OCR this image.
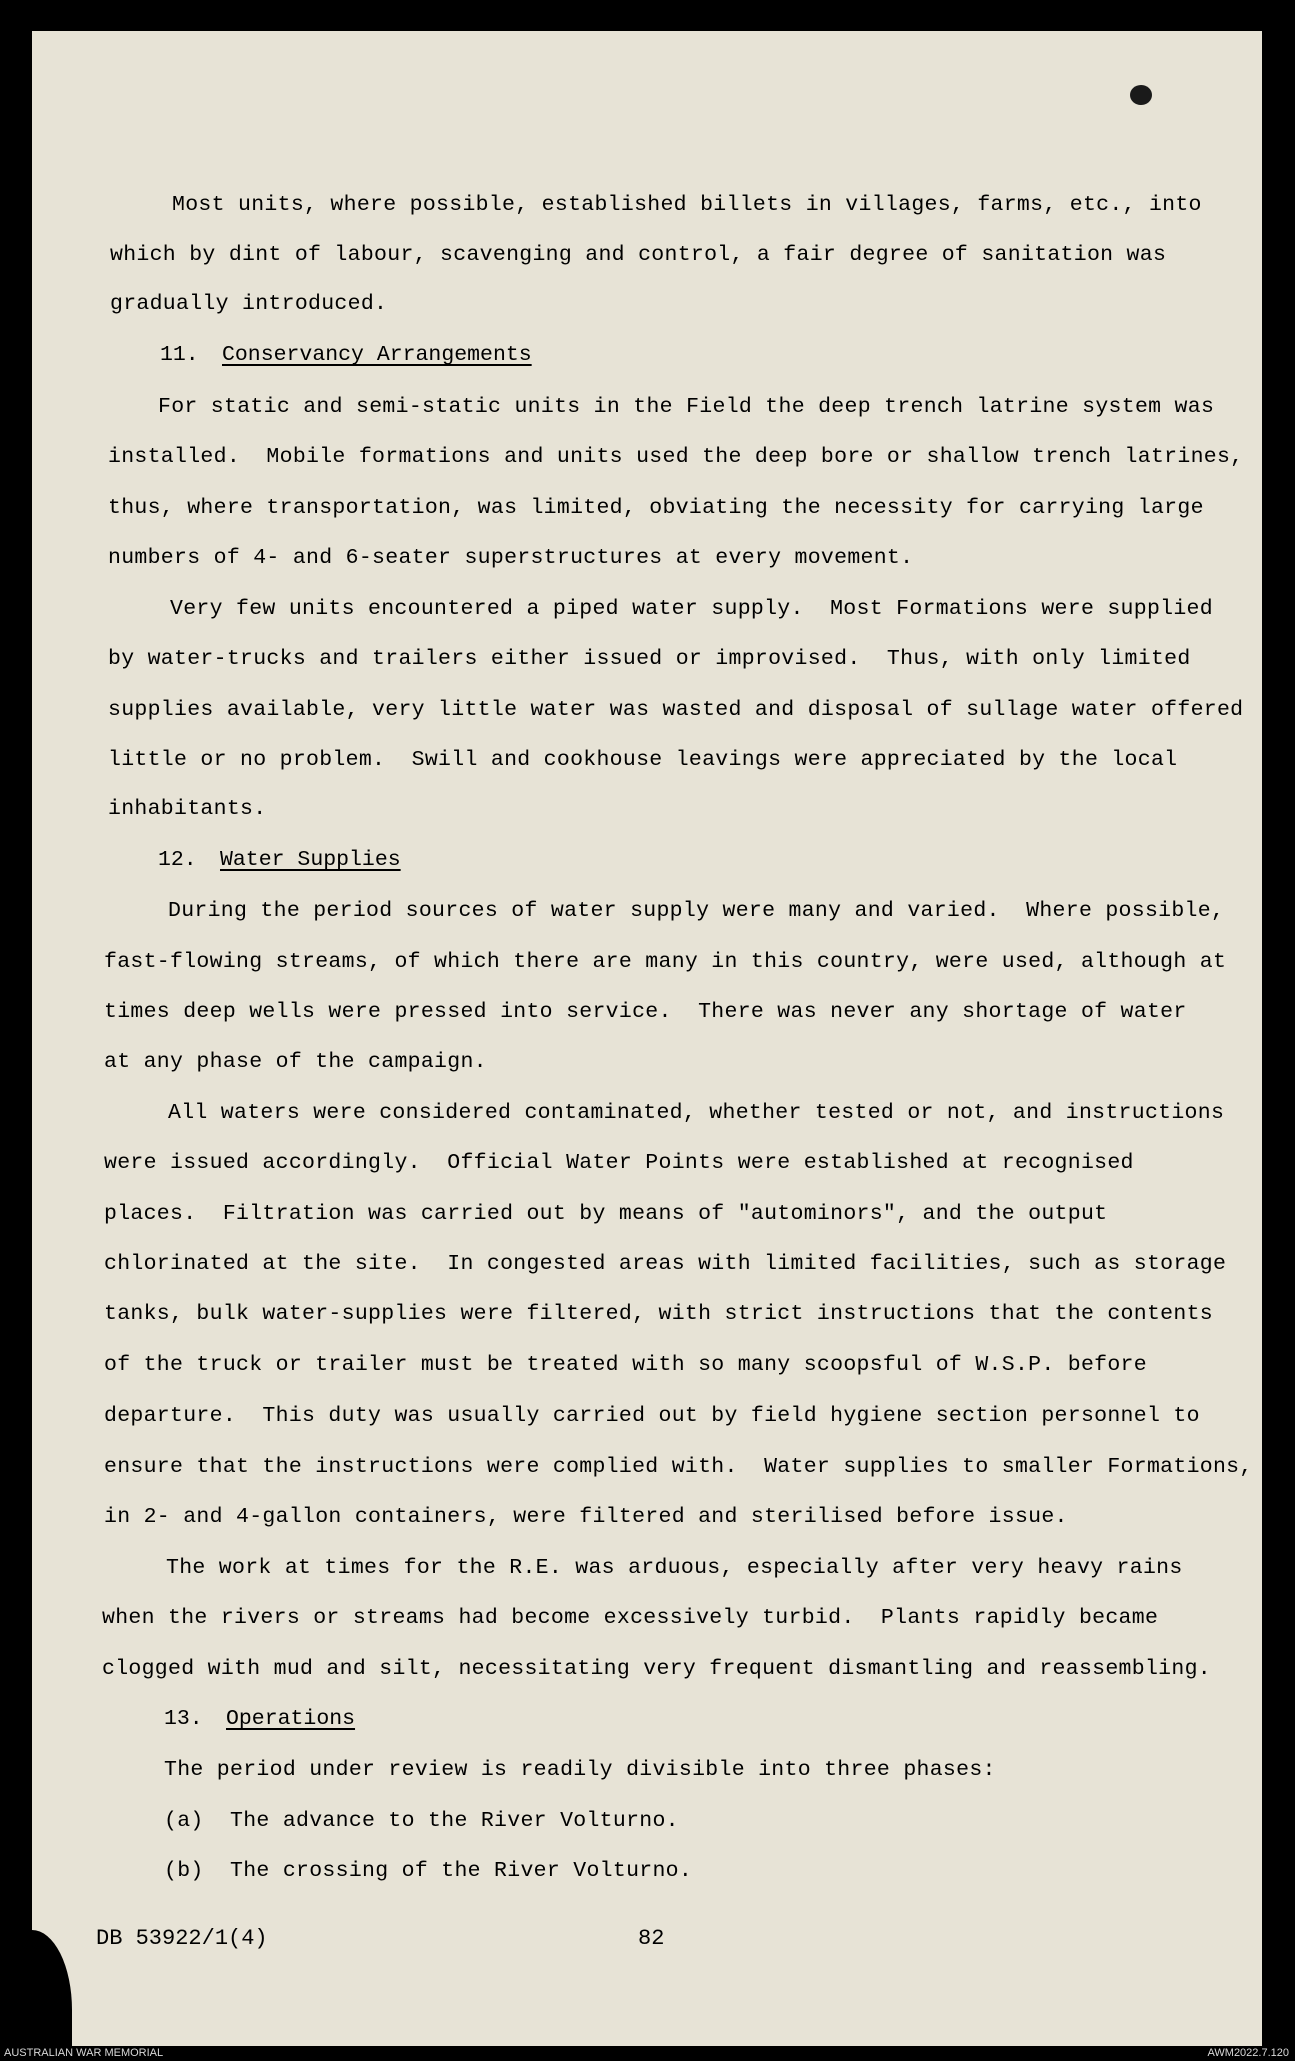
Most units, where possible, established billets in villages, farms, etc., into
which by dint of labour, scavenging and control, a fair degree of sanitation was
gradually introduced.
11. Conservancy Arrangements
For static and semi-static units in the Field the deep trench latrine system was
installed.  Mobile formations and units used the deep bore or shallow trench latrines,
thus, where transportation, was limited, obviating the necessity for carrying large
numbers of 4- and 6-seater superstructures at every movement.
Very few units encountered a piped water supply.  Most Formations were supplied
by water-trucks and trailers either issued or improvised.  Thus, with only limited
supplies available, very little water was wasted and disposal of sullage water offered
little or no problem.  Swill and cookhouse leavings were appreciated by the local
inhabitants.
12. Water Supplies
During the period sources of water supply were many and varied.  Where possible,
fast-flowing streams, of which there are many in this country, were used, although at
times deep wells were pressed into service.  There was never any shortage of water
at any phase of the campaign.
All waters were considered contaminated, whether tested or not, and instructions
were issued accordingly.  Official Water Points were established at recognised
places.  Filtration was carried out by means of "autominors", and the output
chlorinated at the site.  In congested areas with limited facilities, such as storage
tanks, bulk water-supplies were filtered, with strict instructions that the contents
of the truck or trailer must be treated with so many scoopsful of W.S.P. before
departure.  This duty was usually carried out by field hygiene section personnel to
ensure that the instructions were complied with.  Water supplies to smaller Formations,
in 2- and 4-gallon containers, were filtered and sterilised before issue.
The work at times for the R.E. was arduous, especially after very heavy rains
when the rivers or streams had become excessively turbid.  Plants rapidly became
clogged with mud and silt, necessitating very frequent dismantling and reassembling.
13. Operations
The period under review is readily divisible into three phases:
(a)  The advance to the River Volturno.
(b)  The crossing of the River Volturno.
DB 53922/1(4)	82
AUSTRALIAN WAR MEMORIAL	AWM2022.7.120
